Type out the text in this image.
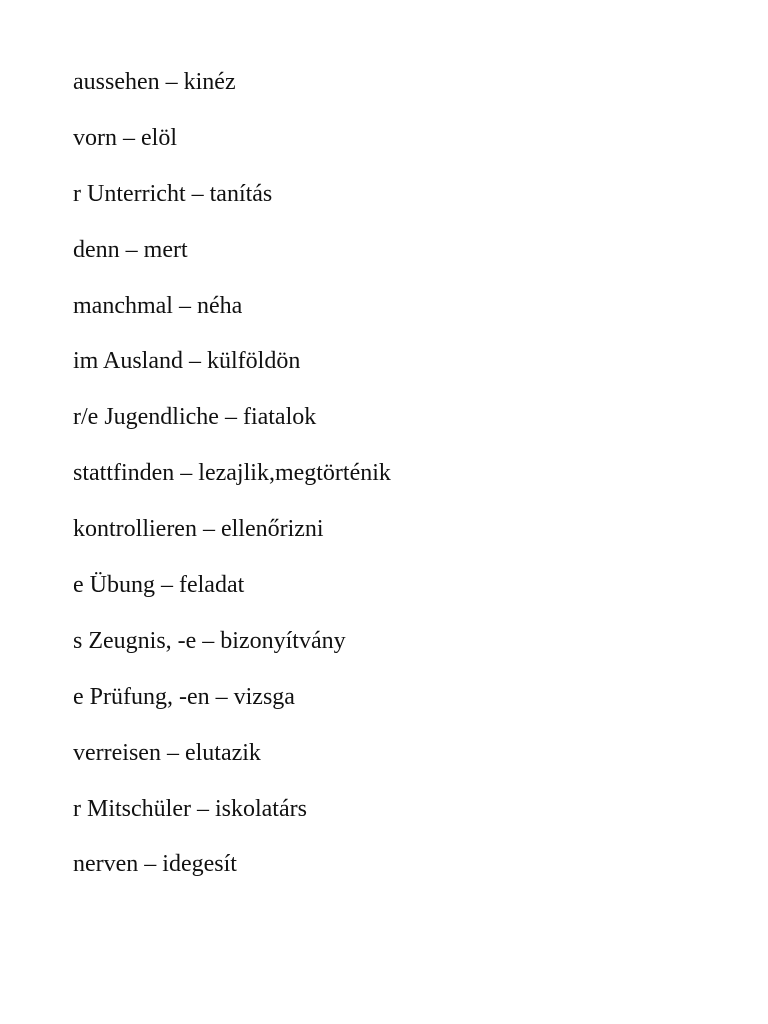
aussehen – kinéz
vorn – elöl
r Unterricht – tanítás
denn – mert
manchmal – néha
im Ausland – külföldön
r/e Jugendliche – fiatalok
stattfinden – lezajlik,megtörténik
kontrollieren – ellenőrizni
e Übung – feladat
s Zeugnis, -e – bizonyítvány
e Prüfung, -en – vizsga
verreisen – elutazik
r Mitschüler – iskolatárs
nerven – idegesít
